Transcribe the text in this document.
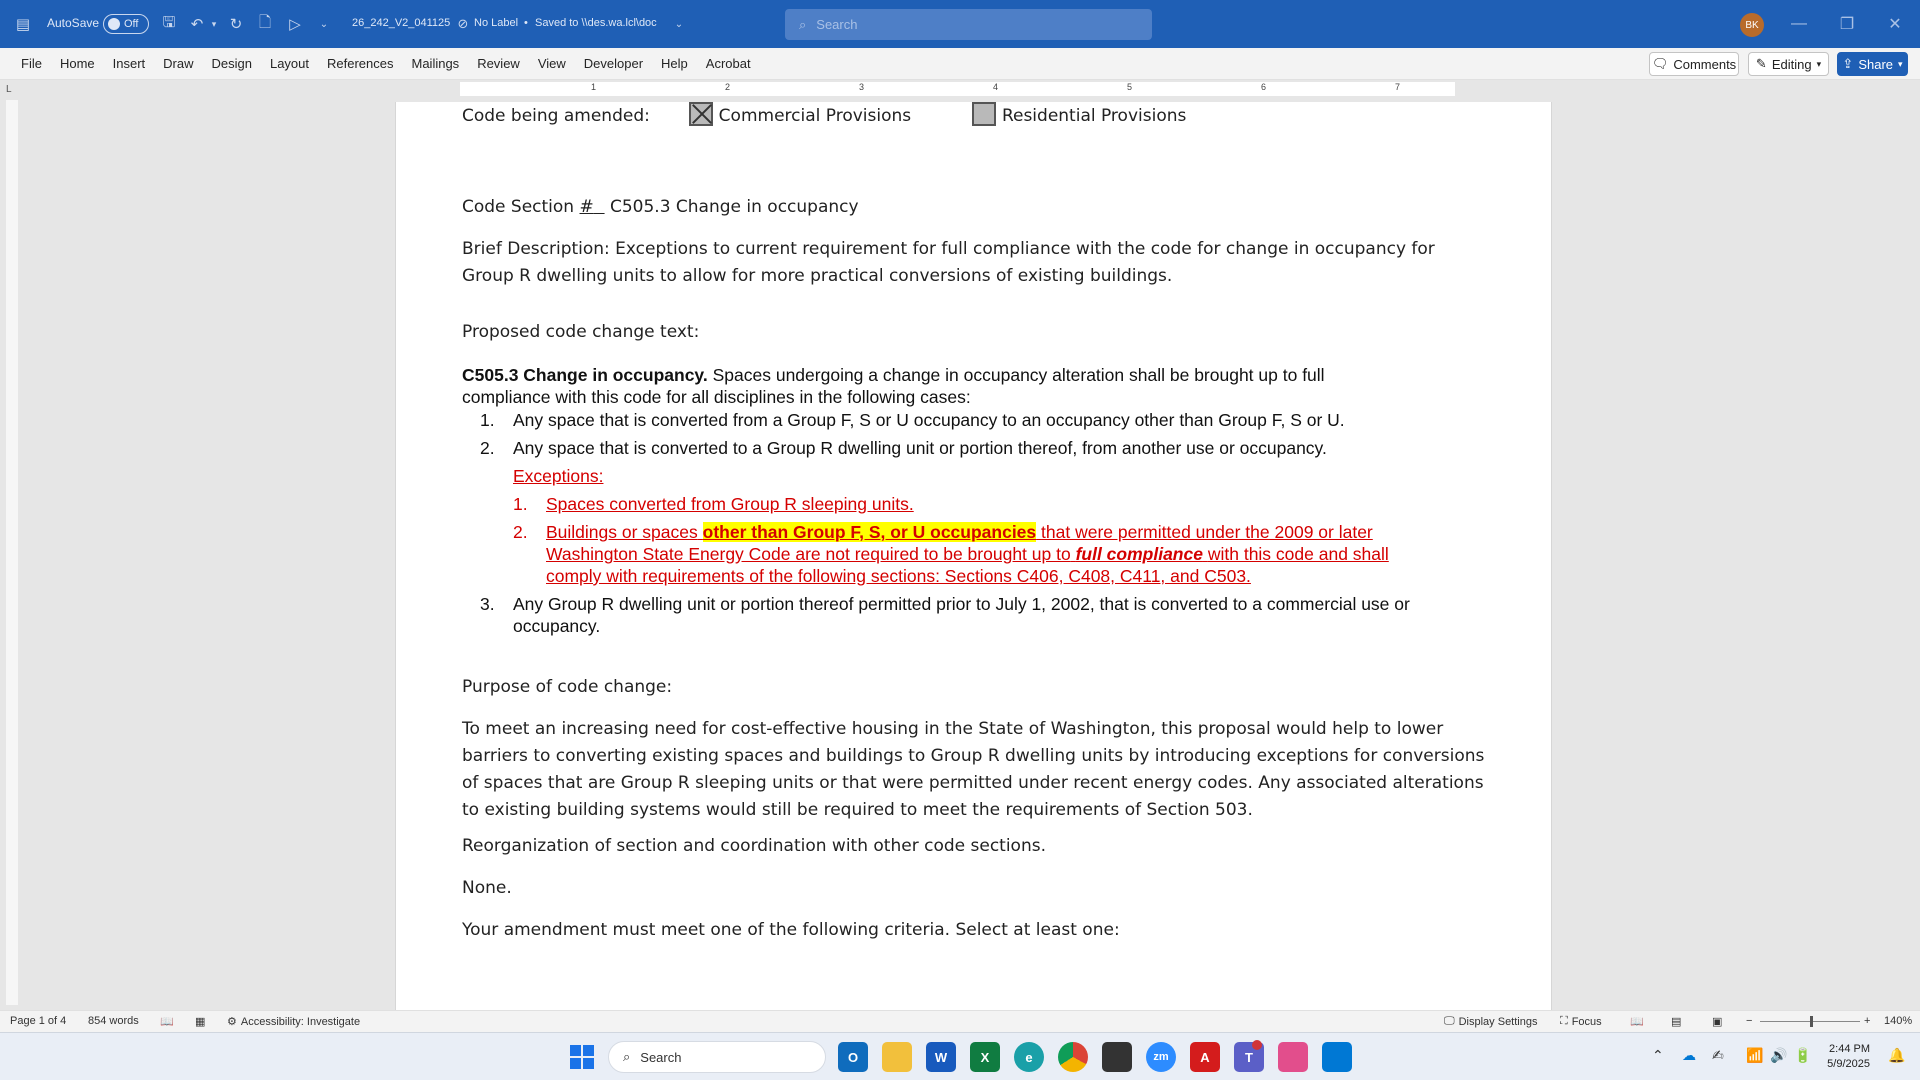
▤	AutoSave Off	🖫	↶ ▾ ↻	🗋	▷	⌄	26_242_V2_041125 ⊘ No Label • Saved to \\des.wa.lcl\doc	⌄	⌕ Search	BK	—	❐	✕
File	Home	Insert	Draw	Design	Layout	References	Mailings	Review	View	Developer	Help	Acrobat	🗨 Comments ✎ Editing ▾ ⇪ Share ▾
L	1	2	3	4	5	6	7
Code being amended:	Commercial Provisions	Residential Provisions
Code Section # C505.3 Change in occupancy
Brief Description: Exceptions to current requirement for full compliance with the code for change in occupancy for
Group R dwelling units to allow for more practical conversions of existing buildings.
Proposed code change text:
C505.3 Change in occupancy. Spaces undergoing a change in occupancy alteration shall be brought up to full
compliance with this code for all disciplines in the following cases:
1. Any space that is converted from a Group F, S or U occupancy to an occupancy other than Group F, S or U.
2. Any space that is converted to a Group R dwelling unit or portion thereof, from another use or occupancy.
Exceptions:
1. Spaces converted from Group R sleeping units.
2. Buildings or spaces other than Group F, S, or U occupancies that were permitted under the 2009 or later
Washington State Energy Code are not required to be brought up to full compliance with this code and shall
comply with requirements of the following sections: Sections C406, C408, C411, and C503.
3. Any Group R dwelling unit or portion thereof permitted prior to July 1, 2002, that is converted to a commercial use or
occupancy.
Purpose of code change:
To meet an increasing need for cost-effective housing in the State of Washington, this proposal would help to lower
barriers to converting existing spaces and buildings to Group R dwelling units by introducing exceptions for conversions
of spaces that are Group R sleeping units or that were permitted under recent energy codes. Any associated alterations
to existing building systems would still be required to meet the requirements of Section 503.
Reorganization of section and coordination with other code sections.
None.
Your amendment must meet one of the following criteria. Select at least one:
Page 1 of 4 854 words 📖 ▦ ⚙ Accessibility: Investigate	🖵 Display Settings ⛶ Focus	📖 ▤	▣ −	+ 140%
⌕ Search	O	W	X	e	zm	A	T	⌃ ☁ ✍ 📶 🔊 🔋	2:44 PM
5/9/2025
🔔
